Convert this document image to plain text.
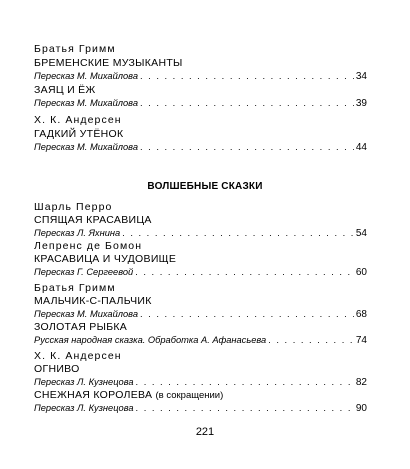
Братья Гримм
БРЕМЕНСКИЕ МУЗЫКАНТЫ
Пересказ М. Михайлова . . .	34
ЗАЯЦ И ЁЖ
Пересказ М. Михайлова . . .	39
Х. К. Андерсен
ГАДКИЙ УТЁНОК
Пересказ М. Михайлова . . .	44
ВОЛШЕБНЫЕ СКАЗКИ
Шарль Перро
СПЯЩАЯ КРАСАВИЦА
Пересказ Л. Яхнина . . .	54
Лепренс де Бомон
КРАСАВИЦА И ЧУДОВИЩЕ
Пересказ Г. Сергеевой . . .	60
Братья Гримм
МАЛЬЧИК-С-ПАЛЬЧИК
Пересказ М. Михайлова . . .	68
ЗОЛОТАЯ РЫБКА
Русская народная сказка. Обработка А. Афанасьева . . .	74
Х. К. Андерсен
ОГНИВО
Пересказ Л. Кузнецова . . .	82
СНЕЖНАЯ КОРОЛЕВА (в сокращении)
Пересказ Л. Кузнецова . . .	90
221
